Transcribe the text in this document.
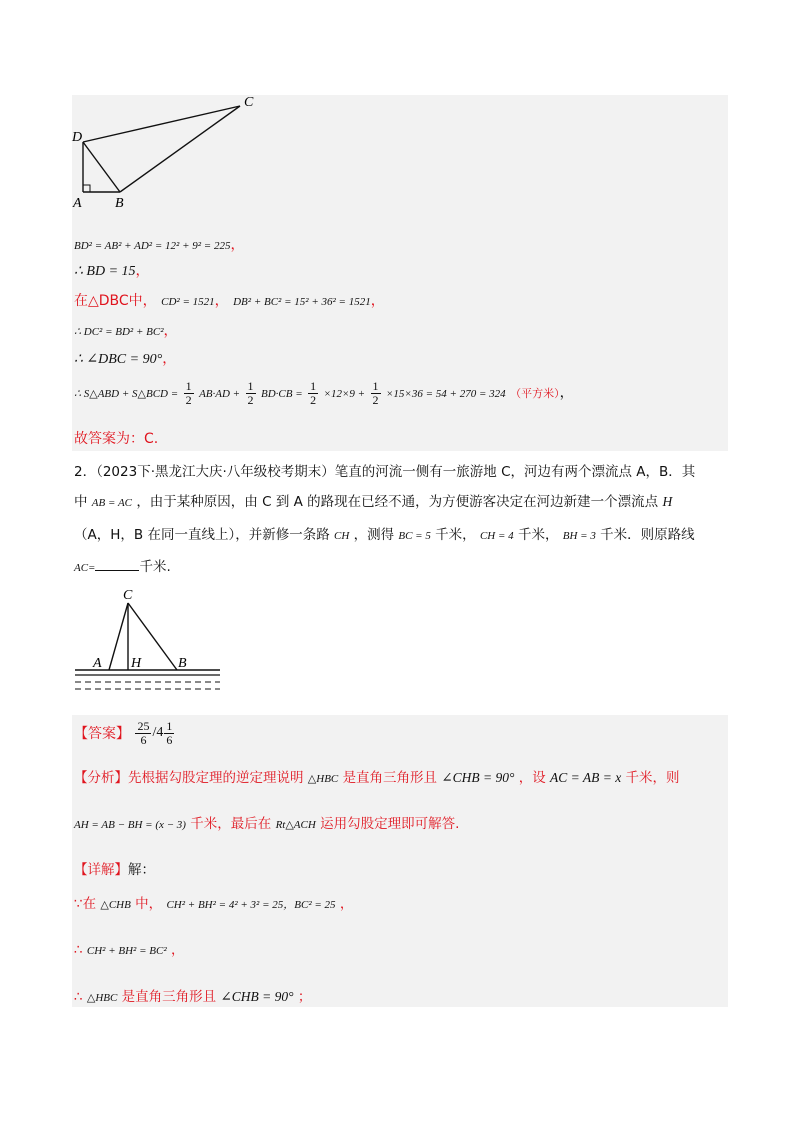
C
D
A B
BD² = AB² + AD² = 12² + 9² = 225，
∴ BD = 15，
在△DBC中， CD² = 1521， DB² + BC² = 15² + 36² = 1521，
∴ DC² = BD² + BC²，
∴ ∠DBC = 90°，
∴ S△ABD + S△BCD = $\frac{1}{2} AB\cdot AD + \frac{1}{2} BD\cdot CB = \frac{1}{2} \times 12\times 9 + \frac{1}{2} \times 15\times 36 = 54 + 270 = 324$ （平方米），
故答案为：C.
2．（2023下·黑龙江大庆·八年级校考期末）笔直的河流一侧有一旅游地 C，河边有两个漂流点 A，B．其
中 AB = AC ，由于某种原因，由 C 到 A 的路现在已经不通，为方便游客决定在河边新建一个漂流点 H
（A，H，B 在同一直线上），并新修一条路 CH ，测得 BC = 5 千米， CH = 4 千米， BH = 3 千米．则原路线
AC=	千米.
C
A H	B
【答案】 $\frac{25}{6} /4 \frac{1}{6}$
【分析】先根据勾股定理的逆定理说明 △HBC 是直角三角形且 ∠CHB = 90° ，设 AC = AB = x 千米，则
AH = AB − BH = (x − 3) 千米，最后在 Rt△ACH 运用勾股定理即可解答.
【详解】解：
∵在 △CHB 中， CH² + BH² = 4² + 3² = 25，BC² = 25 ，
∴ CH² + BH² = BC² ，
∴ △HBC 是直角三角形且 ∠CHB = 90° ；
